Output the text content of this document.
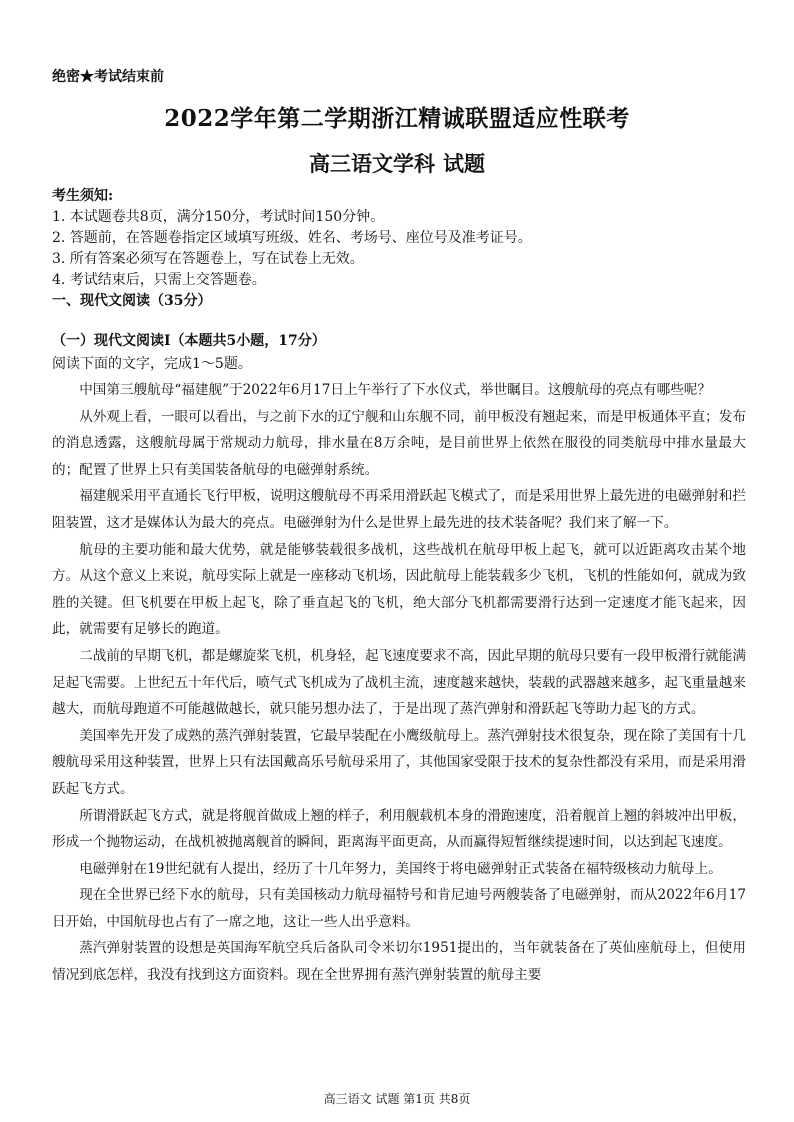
绝密★考试结束前
2022学年第二学期浙江精诚联盟适应性联考
高三语文学科 试题
考生须知:
1. 本试题卷共8页，满分150分，考试时间150分钟。
2. 答题前，在答题卷指定区域填写班级、姓名、考场号、座位号及准考证号。
3. 所有答案必须写在答题卷上，写在试卷上无效。
4. 考试结束后，只需上交答题卷。
一、现代文阅读（35分）
（一）现代文阅读Ⅰ（本题共5小题，17分）
阅读下面的文字，完成1～5题。

中国第三艘航母“福建舰”于2022年6月17日上午举行了下水仪式，举世瞩目。这艘航母的亮点有哪些呢？

从外观上看，一眼可以看出，与之前下水的辽宁舰和山东舰不同，前甲板没有翘起来，而是甲板通体平直；发布的消息透露，这艘航母属于常规动力航母，排水量在8万余吨，是目前世界上依然在服役的同类航母中排水量最大的；配置了世界上只有美国装备航母的电磁弹射系统。

福建舰采用平直通长飞行甲板，说明这艘航母不再采用滑跃起飞模式了，而是采用世界上最先进的电磁弹射和拦阻装置，这才是媒体认为最大的亮点。电磁弹射为什么是世界上最先进的技术装备呢？我们来了解一下。

航母的主要功能和最大优势，就是能够装载很多战机，这些战机在航母甲板上起飞，就可以近距离攻击某个地方。从这个意义上来说，航母实际上就是一座移动飞机场，因此航母上能装载多少飞机，飞机的性能如何，就成为致胜的关键。但飞机要在甲板上起飞，除了垂直起飞的飞机，绝大部分飞机都需要滑行达到一定速度才能飞起来，因此，就需要有足够长的跑道。

二战前的早期飞机，都是螺旋桨飞机，机身轻，起飞速度要求不高，因此早期的航母只要有一段甲板滑行就能满足起飞需要。上世纪五十年代后，喷气式飞机成为了战机主流，速度越来越快，装载的武器越来越多，起飞重量越来越大，而航母跑道不可能越做越长，就只能另想办法了，于是出现了蒸汽弹射和滑跃起飞等助力起飞的方式。

美国率先开发了成熟的蒸汽弹射装置，它最早装配在小鹰级航母上。蒸汽弹射技术很复杂，现在除了美国有十几艘航母采用这种装置，世界上只有法国戴高乐号航母采用了，其他国家受限于技术的复杂性都没有采用，而是采用滑跃起飞方式。

所谓滑跃起飞方式，就是将舰首做成上翘的样子，利用舰载机本身的滑跑速度，沿着舰首上翘的斜坡冲出甲板，形成一个抛物运动，在战机被抛离舰首的瞬间，距离海平面更高，从而赢得短暂继续提速时间，以达到起飞速度。

电磁弹射在19世纪就有人提出，经历了十几年努力，美国终于将电磁弹射正式装备在福特级核动力航母上。

现在全世界已经下水的航母，只有美国核动力航母福特号和肯尼迪号两艘装备了电磁弹射，而从2022年6月17日开始，中国航母也占有了一席之地，这让一些人出乎意料。

蒸汽弹射装置的设想是英国海军航空兵后备队司令米切尔1951提出的，当年就装备在了英仙座航母上，但使用情况到底怎样，我没有找到这方面资料。现在全世界拥有蒸汽弹射装置的航母主要

高三语文 试题 第1页 共8页
